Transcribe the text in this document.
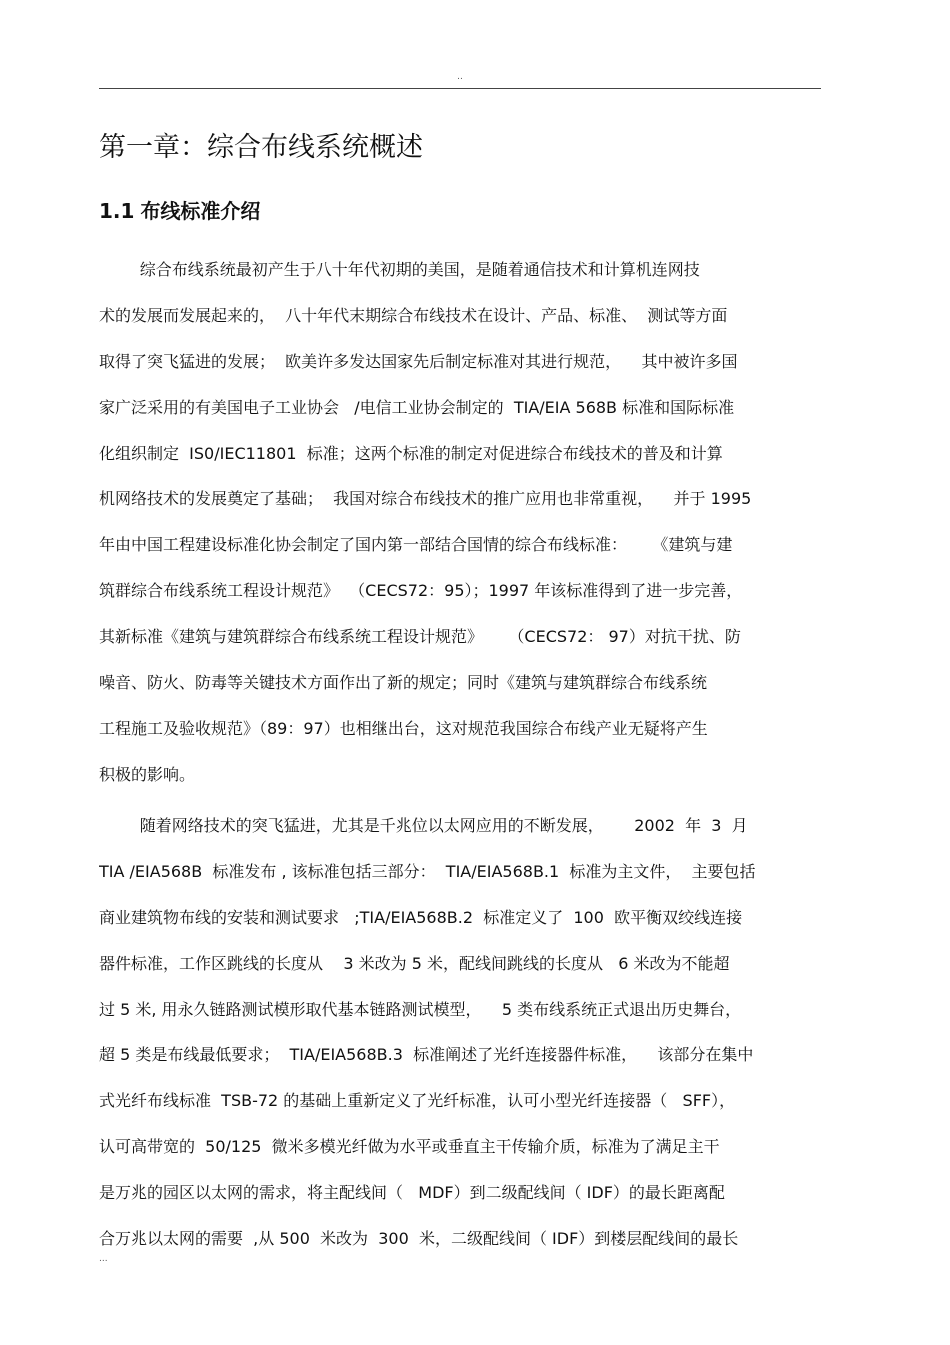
..
第一章：综合布线系统概述
1.1 布线标准介绍
综合布线系统最初产生于八十年代初期的美国，是随着通信技术和计算机连网技
术的发展而发展起来的，  八十年代末期综合布线技术在设计、产品、标准、  测试等方面
取得了突飞猛进的发展；  欧美许多发达国家先后制定标准对其进行规范，    其中被许多国
家广泛采用的有美国电子工业协会   /电信工业协会制定的  TIA/EIA 568B 标准和国际标准
化组织制定  IS0/IEC11801  标准；这两个标准的制定对促进综合布线技术的普及和计算
机网络技术的发展奠定了基础；  我国对综合布线技术的推广应用也非常重视，    并于 1995
年由中国工程建设标准化协会制定了国内第一部结合国情的综合布线标准：     《建筑与建
筑群综合布线系统工程设计规范》  （CECS72：95）；1997 年该标准得到了进一步完善，
其新标准《建筑与建筑群综合布线系统工程设计规范》     （CECS72： 97）对抗干扰、防
噪音、防火、防毒等关键技术方面作出了新的规定；同时《建筑与建筑群综合布线系统
工程施工及验收规范》（89：97）也相继出台，这对规范我国综合布线产业无疑将产生
积极的影响。
随着网络技术的突飞猛进，尤其是千兆位以太网应用的不断发展，      2002  年  3  月
TIA /EIA568B  标准发布 , 该标准包括三部分：  TIA/EIA568B.1  标准为主文件，  主要包括
商业建筑物布线的安装和测试要求   ;TIA/EIA568B.2  标准定义了  100  欧平衡双绞线连接
器件标准，工作区跳线的长度从    3 米改为 5 米，配线间跳线的长度从   6 米改为不能超
过 5 米, 用永久链路测试模形取代基本链路测试模型，    5 类布线系统正式退出历史舞台，
超 5 类是布线最低要求；  TIA/EIA568B.3  标准阐述了光纤连接器件标准，    该部分在集中
式光纤布线标准  TSB-72 的基础上重新定义了光纤标准，认可小型光纤连接器（   SFF），
认可高带宽的  50/125  微米多模光纤做为水平或垂直主干传输介质，标准为了满足主干
是万兆的园区以太网的需求，将主配线间（   MDF）到二级配线间（ IDF）的最长距离配
合万兆以太网的需要  ,从 500  米改为  300  米，二级配线间（ IDF）到楼层配线间的最长
...
